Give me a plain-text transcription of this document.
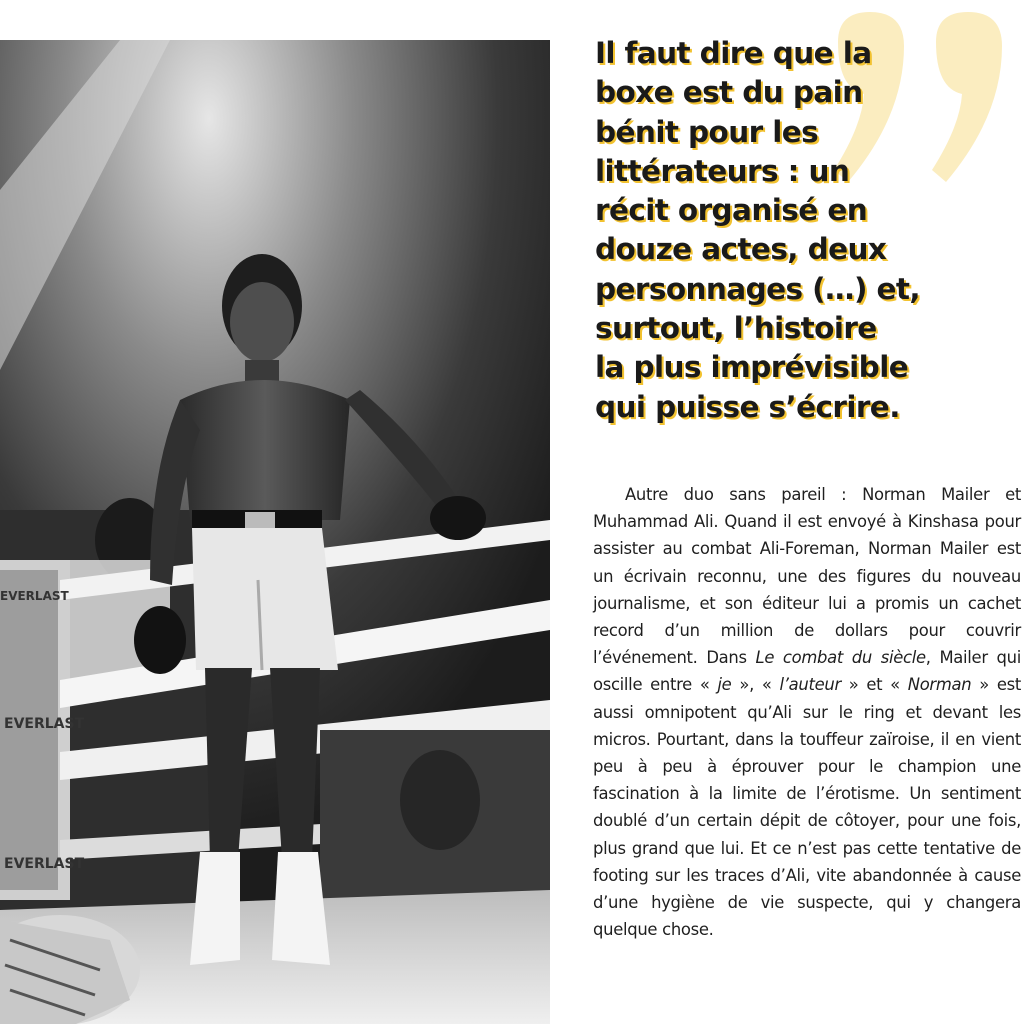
EVERLAST
EVERLAST
EVERLAST
Il faut dire que la
boxe est du pain
bénit pour les
littérateurs : un
récit organisé en
douze actes, deux
personnages (…) et,
surtout, l’histoire
la plus imprévisible
qui puisse s’écrire.

Autre duo sans pareil : Norman Mailer et Muhammad Ali. Quand il est envoyé à Kinshasa pour assister au combat Ali-Foreman, Norman Mailer est un écrivain reconnu, une des figures du nouveau journalisme, et son éditeur lui a promis un cachet record d’un million de dollars pour couvrir l’événement. Dans Le combat du siècle, Mailer qui oscille entre « je », « l’auteur » et « Norman » est aussi omnipotent qu’Ali sur le ring et devant les micros. Pourtant, dans la touffeur zaïroise, il en vient peu à peu à éprouver pour le champion une fascination à la limite de l’érotisme. Un sentiment doublé d’un certain dépit de côtoyer, pour une fois, plus grand que lui. Et ce n’est pas cette tentative de footing sur les traces d’Ali, vite abandonnée à cause d’une hygiène de vie suspecte, qui y changera quelque chose.
